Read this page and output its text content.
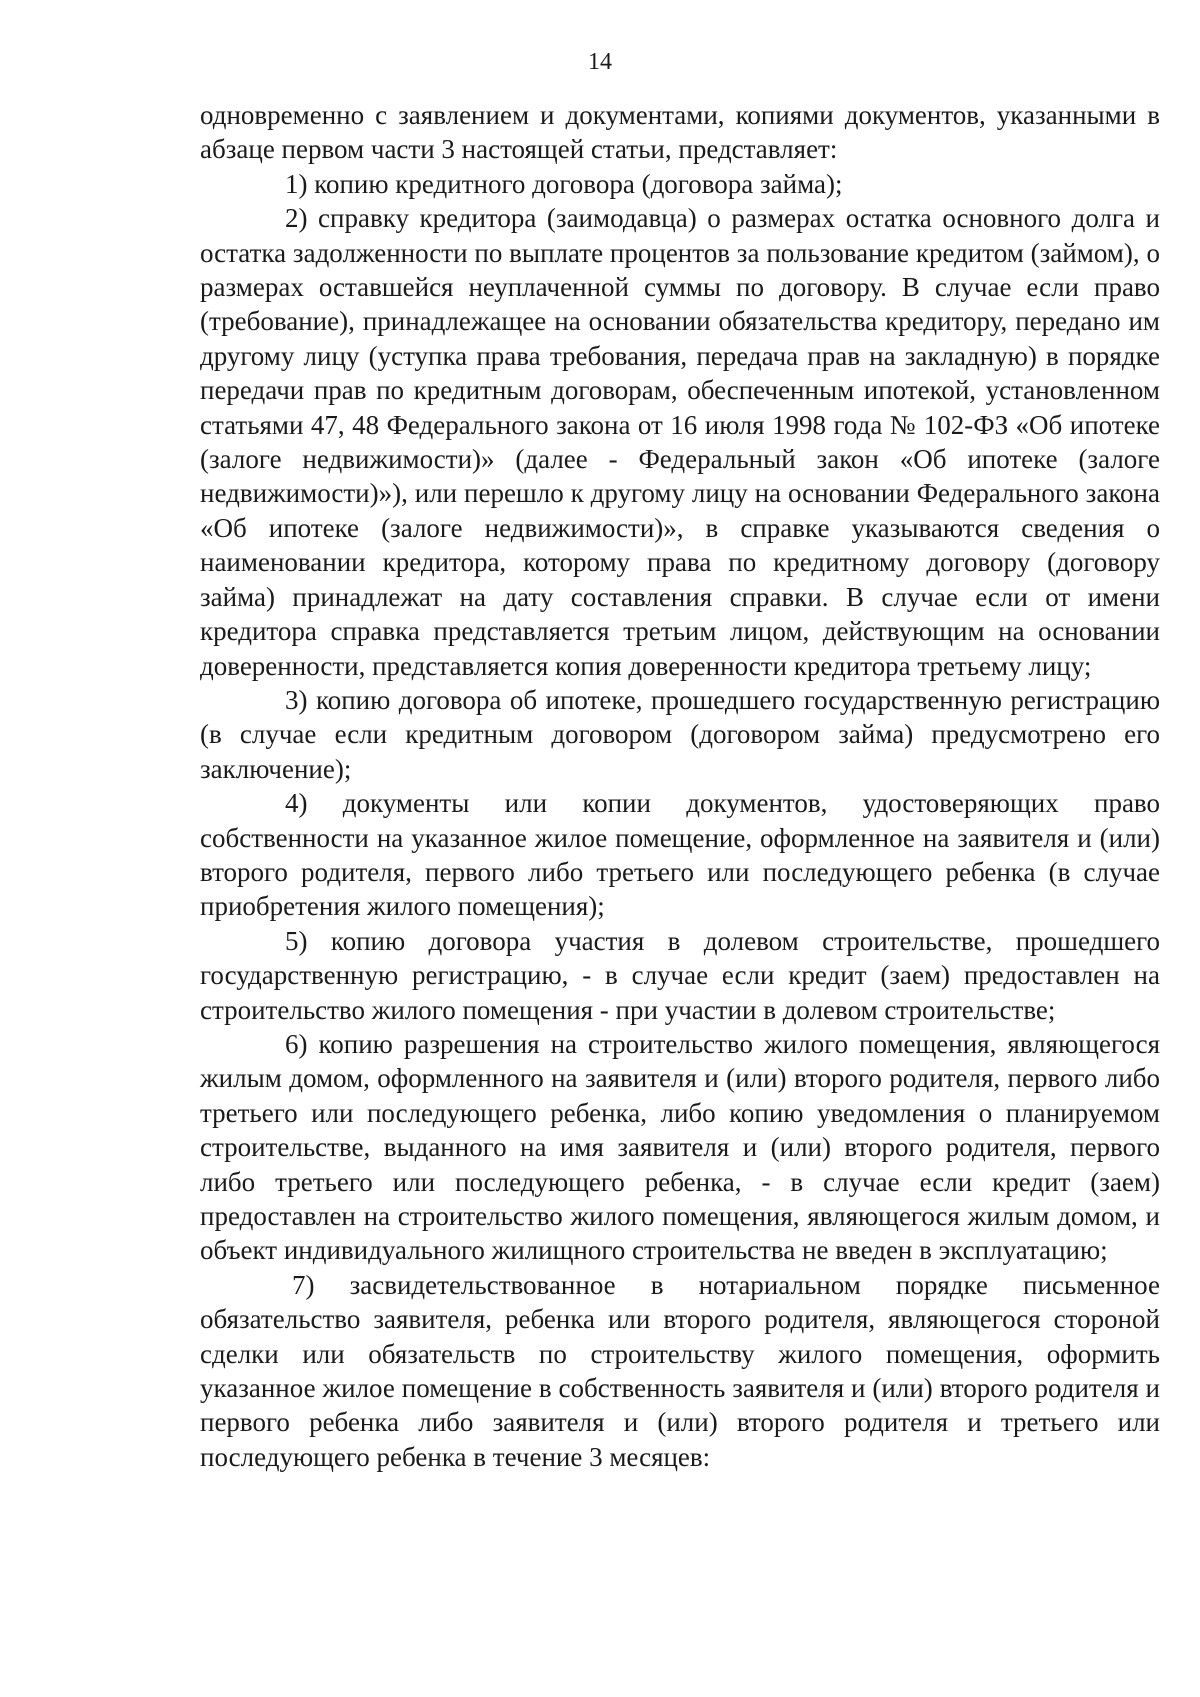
14

одновременно с заявлением и документами, копиями документов, указанными в абзаце первом части 3 настоящей статьи, представляет:

1) копию кредитного договора (договора займа);

2) справку кредитора (заимодавца) о размерах остатка основного долга и остатка задолженности по выплате процентов за пользование кредитом (займом), о размерах оставшейся неуплаченной суммы по договору. В случае если право (требование), принадлежащее на основании обязательства кредитору, передано им другому лицу (уступка права требования, передача прав на закладную) в порядке передачи прав по кредитным договорам, обеспеченным ипотекой, установленном статьями 47, 48 Федерального закона от 16 июля 1998 года № 102-ФЗ «Об ипотеке (залоге недвижимости)» (далее - Федеральный закон «Об ипотеке (залоге недвижимости)»), или перешло к другому лицу на основании Федерального закона «Об ипотеке (залоге недвижимости)», в справке указываются сведения о наименовании кредитора, которому права по кредитному договору (договору займа) принадлежат на дату составления справки. В случае если от имени кредитора справка представляется третьим лицом, действующим на основании доверенности, представляется копия доверенности кредитора третьему лицу;

3) копию договора об ипотеке, прошедшего государственную регистрацию (в случае если кредитным договором (договором займа) предусмотрено его заключение);

4) документы или копии документов, удостоверяющих право собственности на указанное жилое помещение, оформленное на заявителя и (или) второго родителя, первого либо третьего или последующего ребенка (в случае приобретения жилого помещения);

5) копию договора участия в долевом строительстве, прошедшего государственную регистрацию, - в случае если кредит (заем) предоставлен на строительство жилого помещения - при участии в долевом строительстве;

6) копию разрешения на строительство жилого помещения, являющегося жилым домом, оформленного на заявителя и (или) второго родителя, первого либо третьего или последующего ребенка, либо копию уведомления о планируемом строительстве, выданного на имя заявителя и (или) второго родителя, первого либо третьего или последующего ребенка, - в случае если кредит (заем) предоставлен на строительство жилого помещения, являющегося жилым домом, и объект индивидуального жилищного строительства не введен в эксплуатацию;

7) засвидетельствованное в нотариальном порядке письменное обязательство заявителя, ребенка или второго родителя, являющегося стороной сделки или обязательств по строительству жилого помещения, оформить указанное жилое помещение в собственность заявителя и (или) второго родителя и первого ребенка либо заявителя и (или) второго родителя и третьего или последующего ребенка в течение 3 месяцев:
